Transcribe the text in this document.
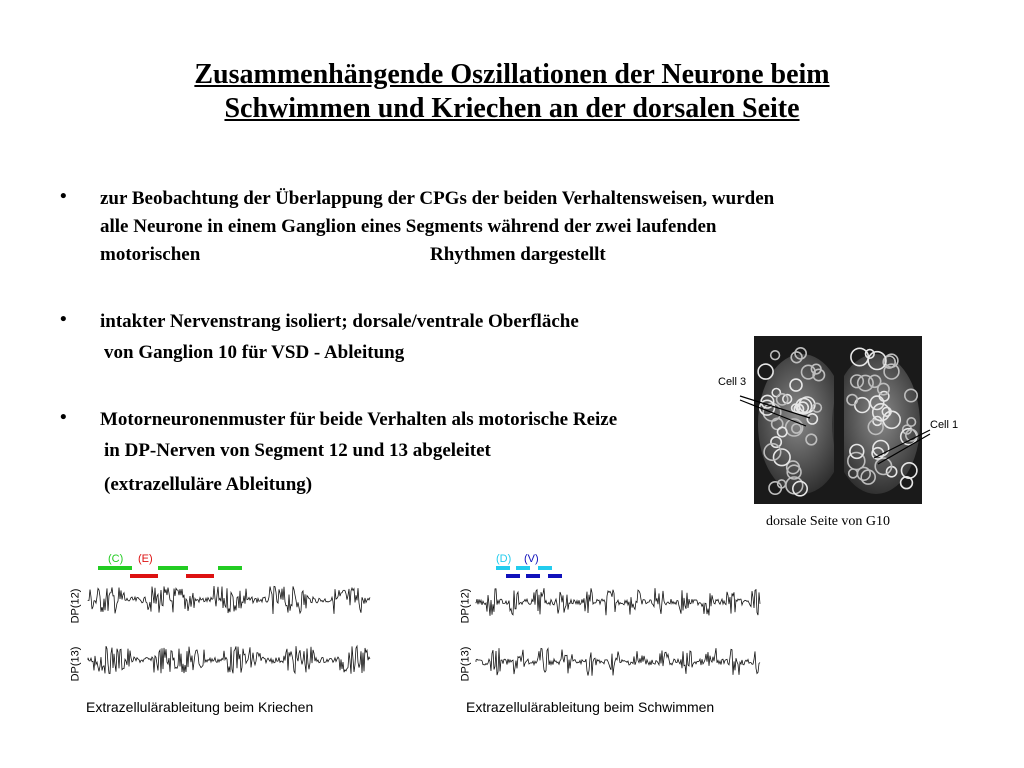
Zusammenhängende Oszillationen der Neurone beim
Schwimmen und Kriechen an der dorsalen Seite
• zur Beobachtung der Überlappung der CPGs der beiden Verhaltensweisen, wurden
alle Neurone in einem Ganglion eines Segments während der zwei laufenden
motorischen	Rhythmen dargestellt
• intakter Nervenstrang isoliert; dorsale/ventrale Oberfläche
von Ganglion 10 für VSD - Ableitung
• Motorneuronenmuster für beide Verhalten als motorische Reize
in DP-Nerven von Segment 12 und 13 abgeleitet
(extrazelluläre Ableitung)
Cell 3
Cell 1
dorsale Seite von G10
(C) (E)
DP(12)
DP(13)
Extrazellulärableitung beim Kriechen
(D) (V)
DP(12)
DP(13)
Extrazellulärableitung beim Schwimmen
